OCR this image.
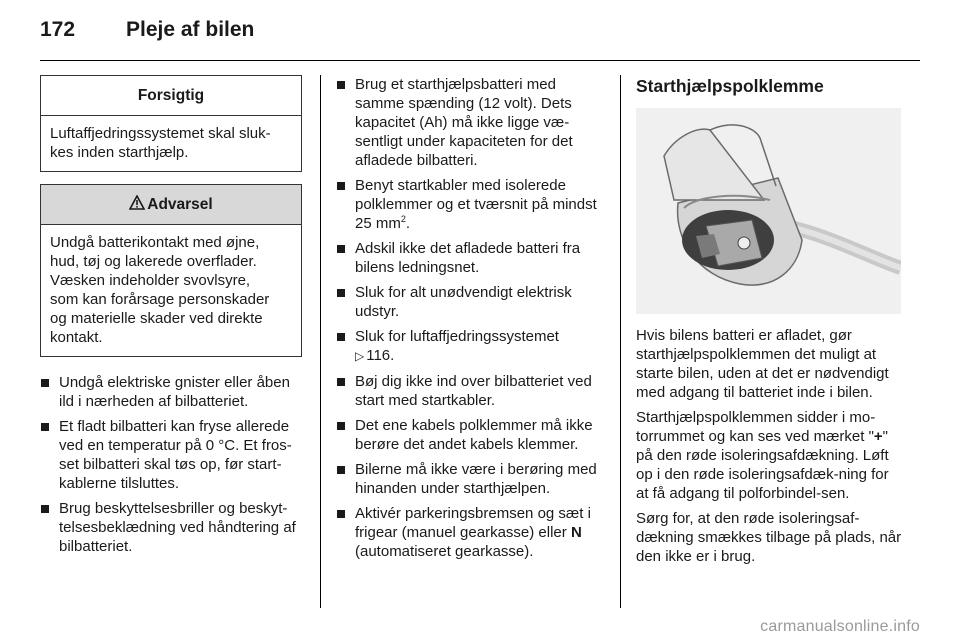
172	Pleje af bilen
Forsigtig
Luftaffjedringssystemet skal sluk-kes inden starthjælp.
Advarsel
Undgå batterikontakt med øjne,
hud, tøj og lakerede overflader.
Væsken indeholder svovlsyre,
som kan forårsage personskader
og materielle skader ved direkte
kontakt.
Undgå elektriske gnister eller åben ild i nærheden af bilbatteriet.
Et fladt bilbatteri kan fryse allerede ved en temperatur på 0 °C. Et fros-set bilbatteri skal tøs op, før start-kablerne tilsluttes.
Brug beskyttelsesbriller og beskyt-telsesbeklædning ved håndtering af bilbatteriet.
Brug et starthjælpsbatteri med samme spænding (12 volt). Dets kapacitet (Ah) må ikke ligge væ-sentligt under kapaciteten for det afladede bilbatteri.
Benyt startkabler med isolerede polklemmer og et tværsnit på mindst 25 $mm^2$.
Adskil ikke det afladede batteri fra bilens ledningsnet.
Sluk for alt unødvendigt elektrisk udstyr.
Sluk for luftaffjedringssystemet
▷ 116.
Bøj dig ikke ind over bilbatteriet ved start med startkabler.
Det ene kabels polklemmer må ikke berøre det andet kabels klemmer.
Bilerne må ikke være i berøring med hinanden under starthjælpen.
Aktivér parkeringsbremsen og sæt i frigear (manuel gearkasse) eller N (automatiseret gearkasse).
Starthjælpspolklemme

Hvis bilens batteri er afladet, gør starthjælpspolklemmen det muligt at starte bilen, uden at det er nødvendigt med adgang til batteriet inde i bilen.

Starthjælpspolklemmen sidder i mo-torrummet og kan ses ved mærket "+" på den røde isoleringsafdækning. Løft op i den røde isoleringsafdæk-ning for at få adgang til polforbindel-sen.

Sørg for, at den røde isoleringsaf-dækning smækkes tilbage på plads, når den ikke er i brug.

carmanualsonline.info
